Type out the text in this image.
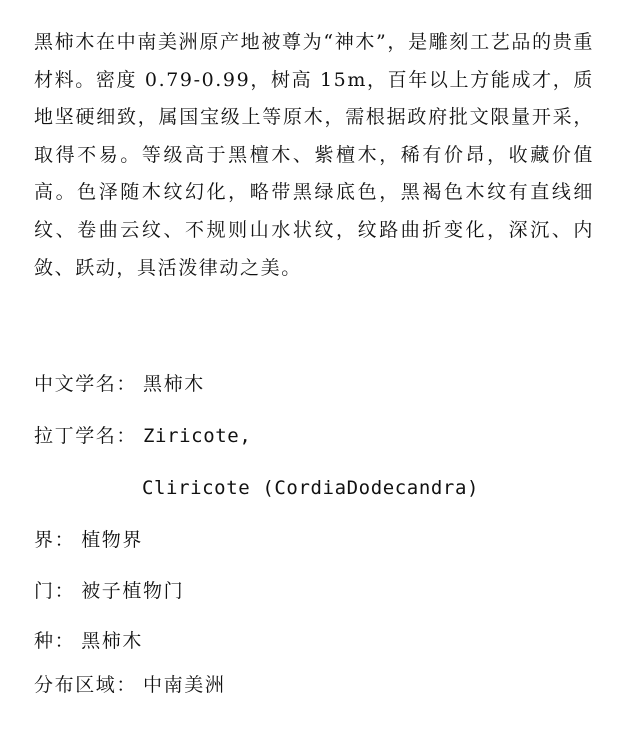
黑柿木在中南美洲原产地被尊为“神木”，是雕刻工艺品的贵重材料。密度 0.79-0.99，树高 15m，百年以上方能成才，质地坚硬细致，属国宝级上等原木，需根据政府批文限量开采，取得不易。等级高于黑檀木、紫檀木，稀有价昂，收藏价值高。色泽随木纹幻化，略带黑绿底色，黑褐色木纹有直线细纹、卷曲云纹、不规则山水状纹，纹路曲折变化，深沉、内敛、跃动，具活泼律动之美。

中文学名： 黑柿木

拉丁学名： Ziricote,

Cliricote (CordiaDodecandra)

界： 植物界

门： 被子植物门

种： 黑柿木

分布区域： 中南美洲
